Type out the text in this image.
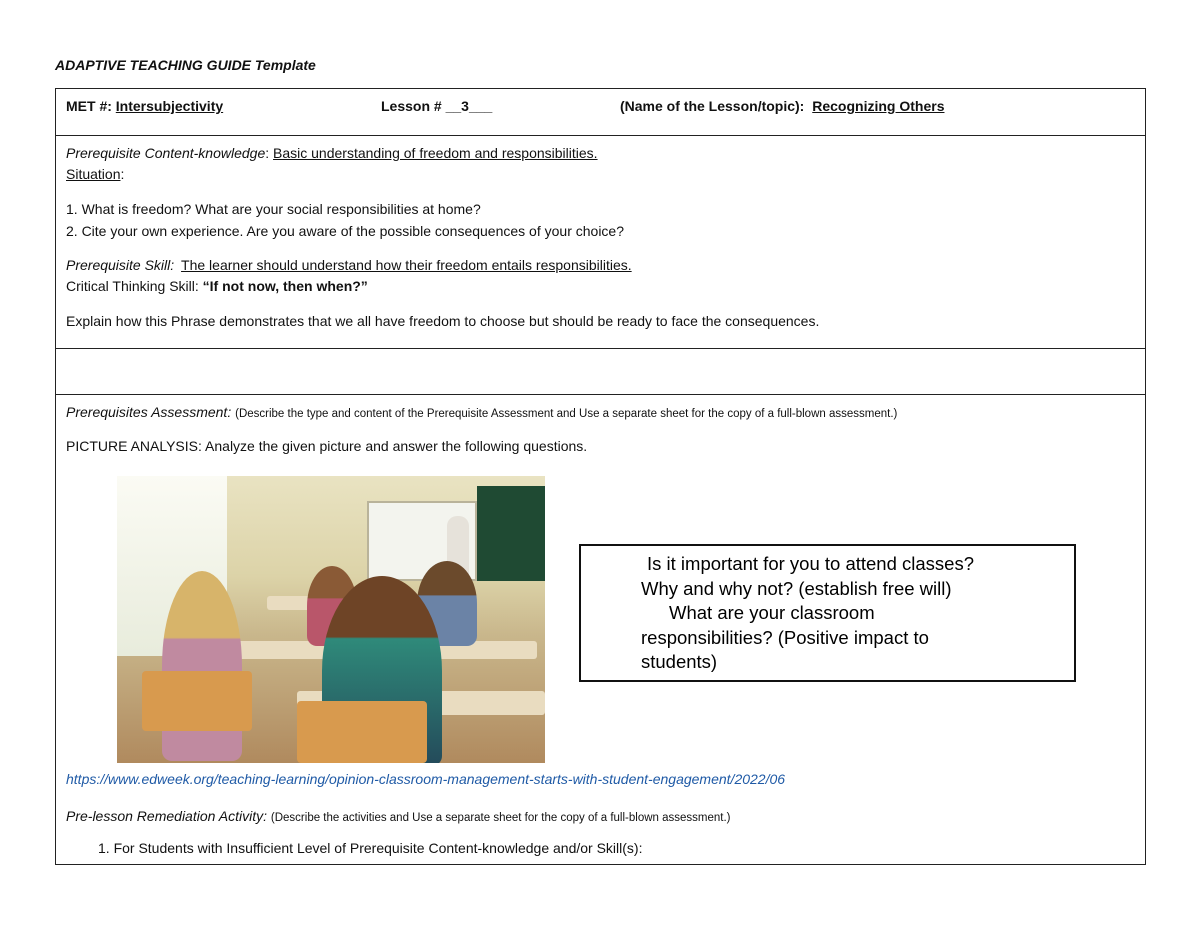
ADAPTIVE TEACHING GUIDE Template
MET #: Intersubjectivity	Lesson # __3___	(Name of the Lesson/topic): Recognizing Others
Prerequisite Content-knowledge: Basic understanding of freedom and responsibilities.
Situation:
1. What is freedom? What are your social responsibilities at home?
2. Cite your own experience. Are you aware of the possible consequences of your choice?
Prerequisite Skill: The learner should understand how their freedom entails responsibilities.
Critical Thinking Skill: “If not now, then when?”
Explain how this Phrase demonstrates that we all have freedom to choose but should be ready to face the consequences.
Prerequisites Assessment: (Describe the type and content of the Prerequisite Assessment and Use a separate sheet for the copy of a full-blown assessment.)
PICTURE ANALYSIS: Analyze the given picture and answer the following questions.
Is it important for you to attend classes?
Why and why not? (establish free will)
What are your classroom
responsibilities? (Positive impact to
students)
https://www.edweek.org/teaching-learning/opinion-classroom-management-starts-with-student-engagement/2022/06
Pre-lesson Remediation Activity: (Describe the activities and Use a separate sheet for the copy of a full-blown assessment.)
1. For Students with Insufficient Level of Prerequisite Content-knowledge and/or Skill(s):
